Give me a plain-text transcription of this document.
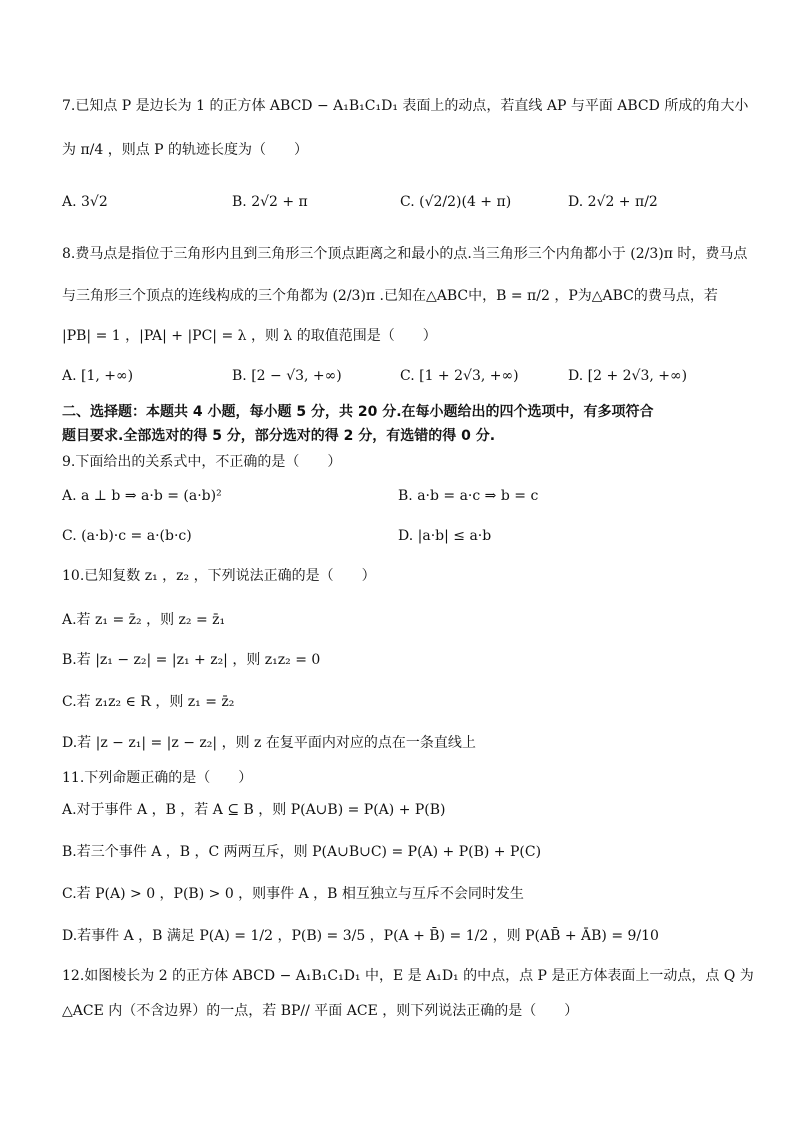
7.已知点 P 是边长为 1 的正方体 ABCD − A₁B₁C₁D₁ 表面上的动点，若直线 AP 与平面 ABCD 所成的角大小
为 π/4 ，则点 P 的轨迹长度为（　　）
A. 3√2	B. 2√2 + π	C. (√2/2)(4 + π)	D. 2√2 + π/2
8.费马点是指位于三角形内且到三角形三个顶点距离之和最小的点.当三角形三个内角都小于 (2/3)π 时，费马点
与三角形三个顶点的连线构成的三个角都为 (2/3)π .已知在△ABC中，B = π/2 ，P为△ABC的费马点，若
|PB| = 1 ，|PA| + |PC| = λ ，则 λ 的取值范围是（　　）
A. [1, +∞)	B. [2 − √3, +∞)	C. [1 + 2√3, +∞)	D. [2 + 2√3, +∞)
二、选择题：本题共 4 小题，每小题 5 分，共 20 分.在每小题给出的四个选项中，有多项符合
题目要求.全部选对的得 5 分，部分选对的得 2 分，有选错的得 0 分.
9.下面给出的关系式中，不正确的是（　　）
A. a ⊥ b ⇒ a·b = (a·b)²	B. a·b = a·c ⇒ b = c
C. (a·b)·c = a·(b·c)	D. |a·b| ≤ a·b
10.已知复数 z₁ ，z₂ ，下列说法正确的是（　　）
A.若 z₁ = z̄₂ ，则 z₂ = z̄₁
B.若 |z₁ − z₂| = |z₁ + z₂| ，则 z₁z₂ = 0
C.若 z₁z₂ ∈ R ，则 z₁ = z̄₂
D.若 |z − z₁| = |z − z₂| ，则 z 在复平面内对应的点在一条直线上
11.下列命题正确的是（　　）
A.对于事件 A ，B ，若 A ⊆ B ，则 P(A∪B) = P(A) + P(B)
B.若三个事件 A ，B ，C 两两互斥，则 P(A∪B∪C) = P(A) + P(B) + P(C)
C.若 P(A) > 0 ，P(B) > 0 ，则事件 A ，B 相互独立与互斥不会同时发生
D.若事件 A ，B 满足 P(A) = 1/2 ，P(B) = 3/5 ，P(A + B̄) = 1/2 ，则 P(AB̄ + ĀB) = 9/10
12.如图棱长为 2 的正方体 ABCD − A₁B₁C₁D₁ 中，E 是 A₁D₁ 的中点，点 P 是正方体表面上一动点，点 Q 为
△ACE 内（不含边界）的一点，若 BP// 平面 ACE ，则下列说法正确的是（　　）
